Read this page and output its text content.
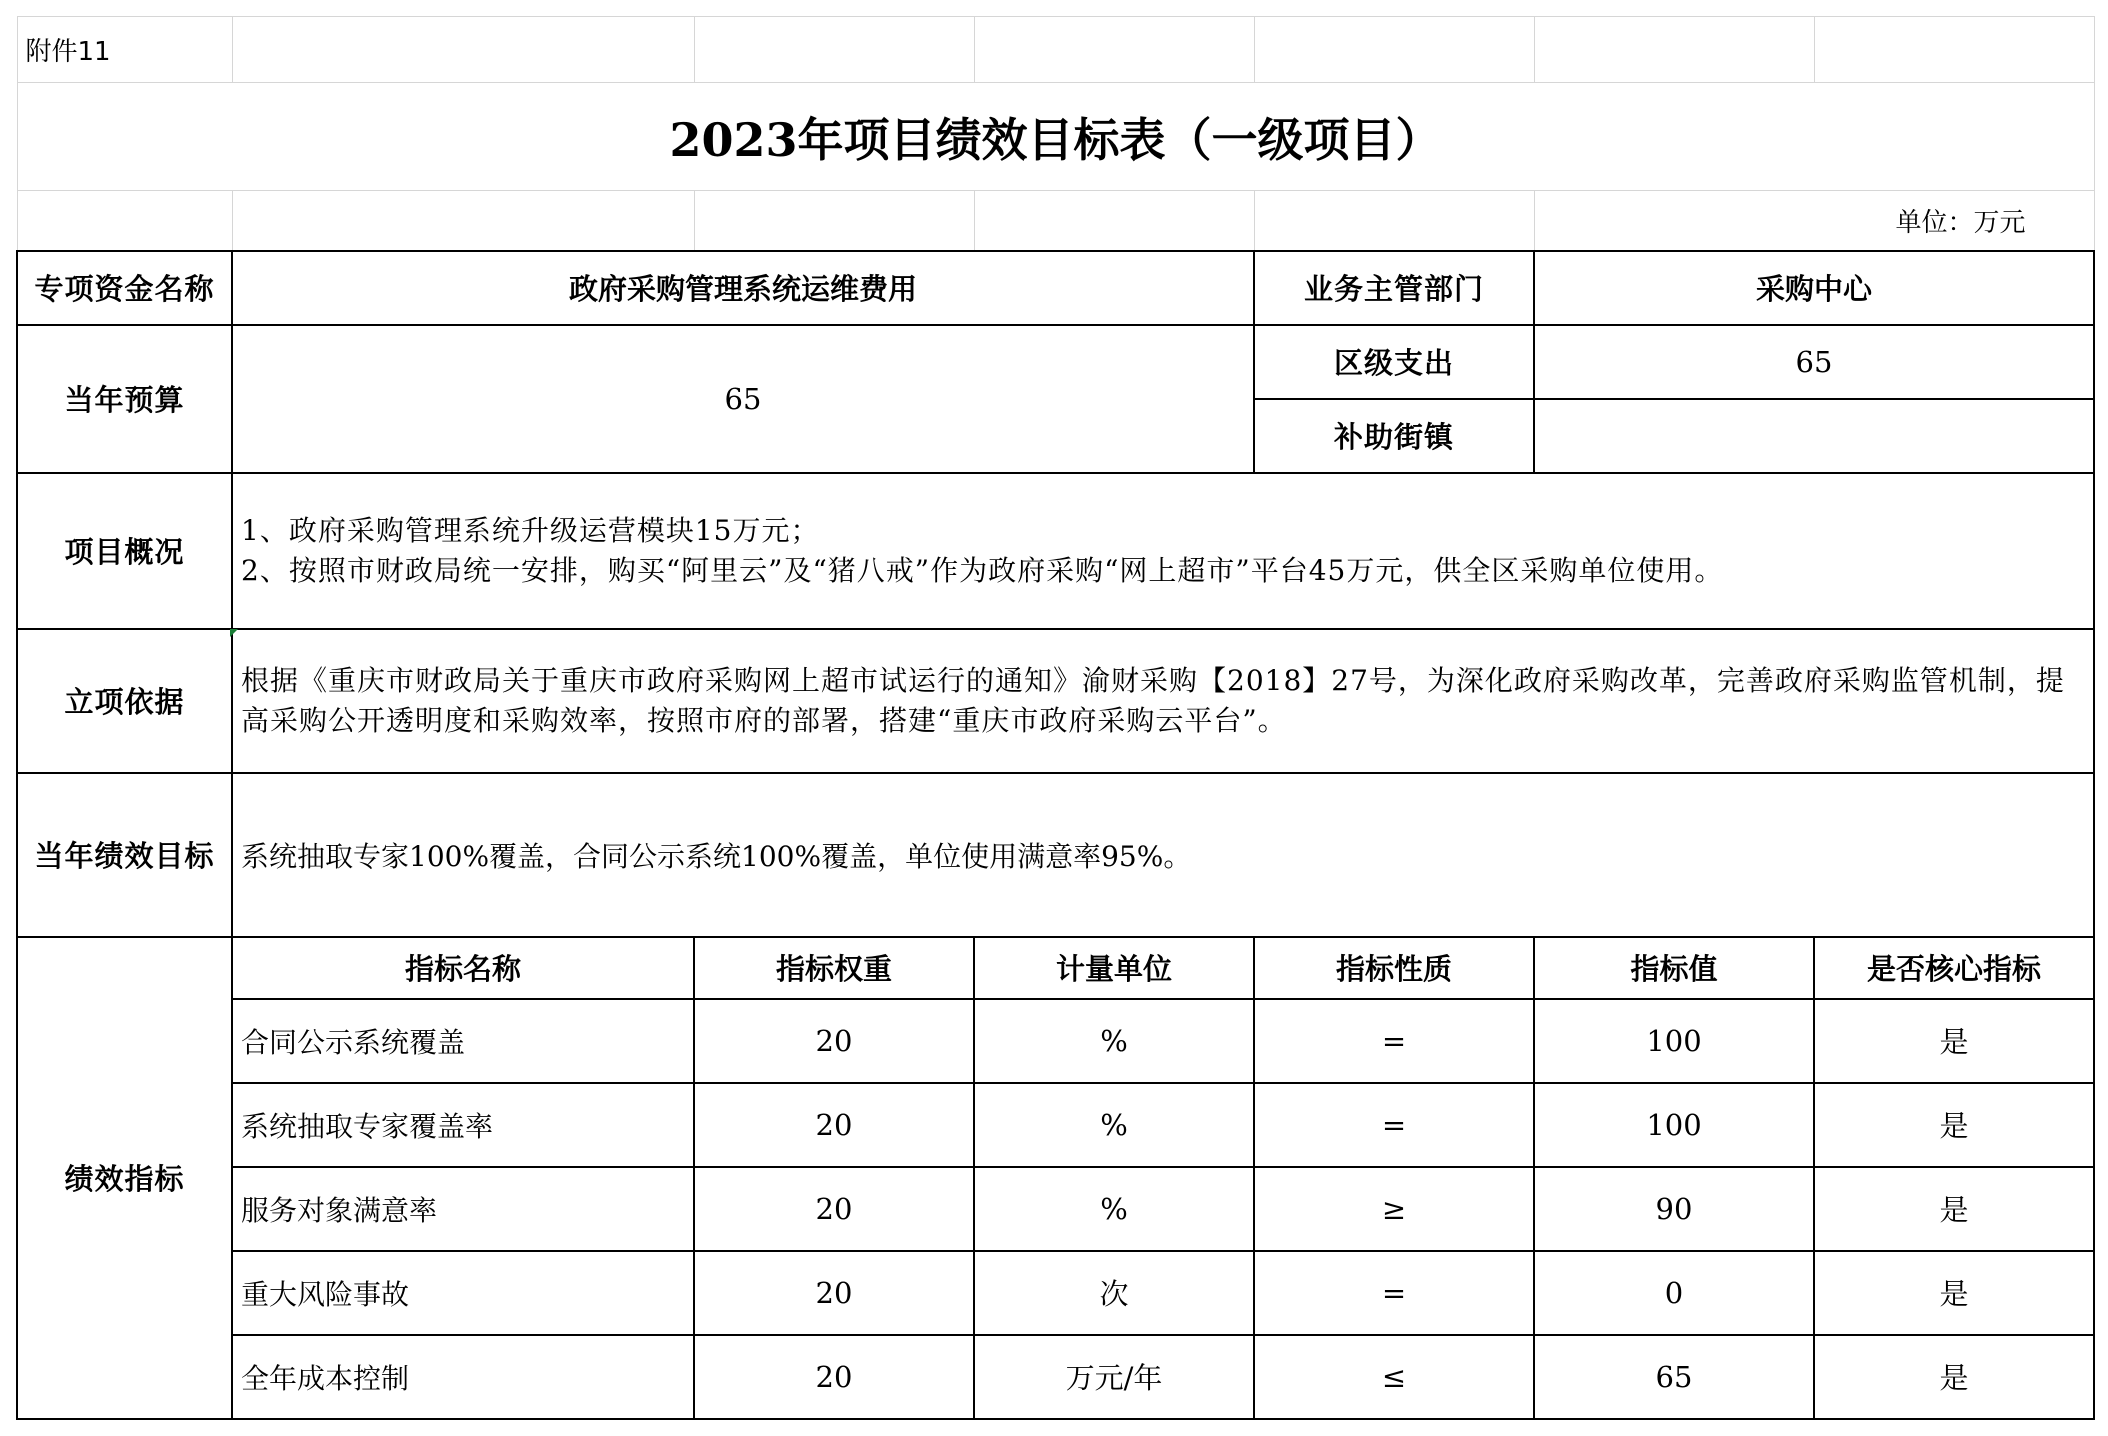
附件11						
2023年项目绩效目标表（一级项目）						
					单位：万元	
专项资金名称	政府采购管理系统运维费用			业务主管部门	采购中心	
当年预算	65			区级支出	65	
				补助街镇		
项目概况	1、政府采购管理系统升级运营模块15万元；
2、按照市财政局统一安排，购买“阿里云”及“猪八戒”作为政府采购“网上超市”平台45万元，供全区采购单位使用。					

立项依据	根据《重庆市财政局关于重庆市政府采购网上超市试运行的通知》渝财采购【2018】27号，为深化政府采购改革，完善政府采购监管机制，提高采购公开透明度和采购效率，按照市府的部署，搭建“重庆市政府采购云平台”。					
当年绩效目标	系统抽取专家100%覆盖，合同公示系统100%覆盖，单位使用满意率95%。					
绩效指标	指标名称	指标权重	计量单位	指标性质	指标值	是否核心指标
	合同公示系统覆盖	20	%	=	100	是
	系统抽取专家覆盖率	20	%	=	100	是
	服务对象满意率	20	%	≥	90	是
	重大风险事故	20	次	=	0	是
	全年成本控制	20	万元/年	≤	65	是
